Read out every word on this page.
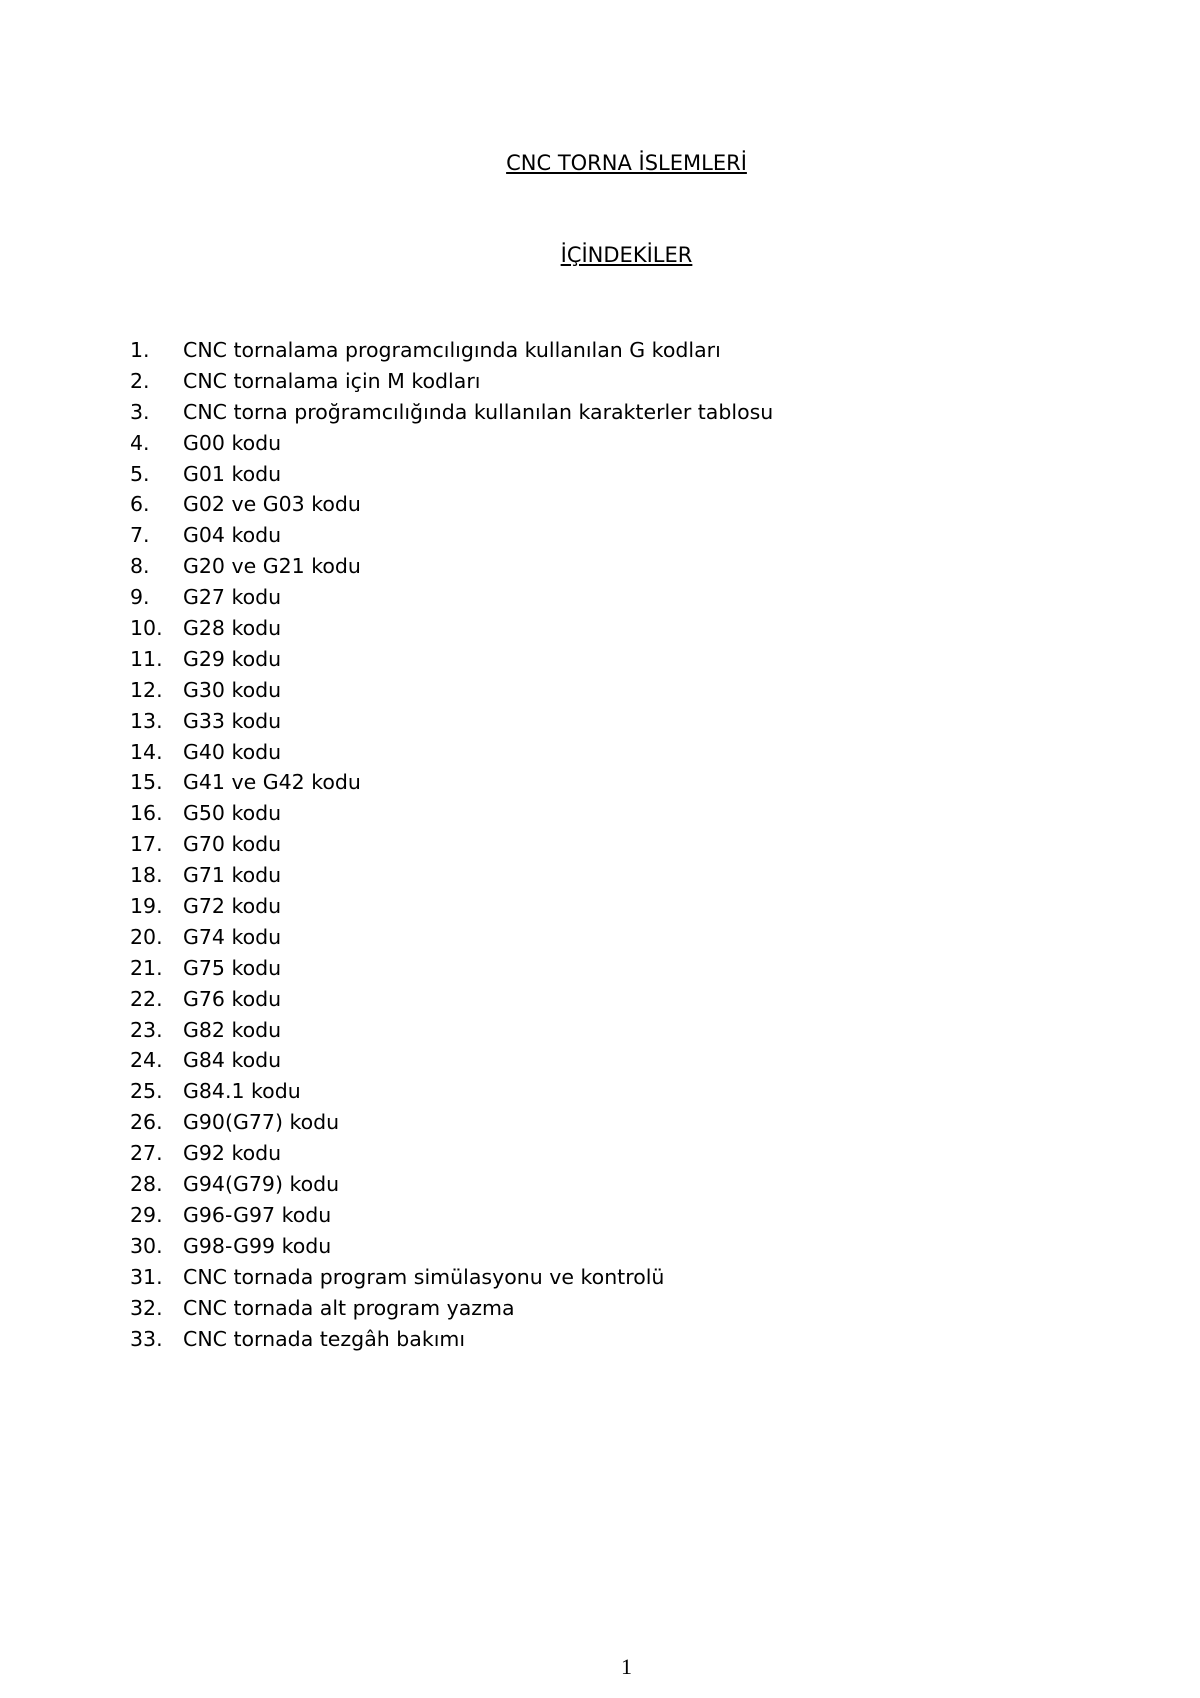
CNC TORNA İSLEMLERİ
İÇİNDEKİLER
1.	CNC tornalama programcılıgında kullanılan G kodları
2.	CNC tornalama için M kodları
3.	CNC torna proğramcılığında kullanılan karakterler tablosu
4.	G00 kodu
5.	G01 kodu
6.	G02 ve G03 kodu
7.	G04 kodu
8.	G20 ve G21 kodu
9.	G27 kodu
10. G28 kodu
11. G29 kodu
12. G30 kodu
13. G33 kodu
14. G40 kodu
15. G41 ve G42 kodu
16. G50 kodu
17. G70 kodu
18. G71 kodu
19. G72 kodu
20. G74 kodu
21. G75 kodu
22. G76 kodu
23. G82 kodu
24. G84 kodu
25. G84.1 kodu
26. G90(G77) kodu
27. G92 kodu
28. G94(G79) kodu
29. G96-G97 kodu
30. G98-G99 kodu
31. CNC tornada program simülasyonu ve kontrolü
32. CNC tornada alt program yazma
33. CNC tornada tezgâh bakımı
1
